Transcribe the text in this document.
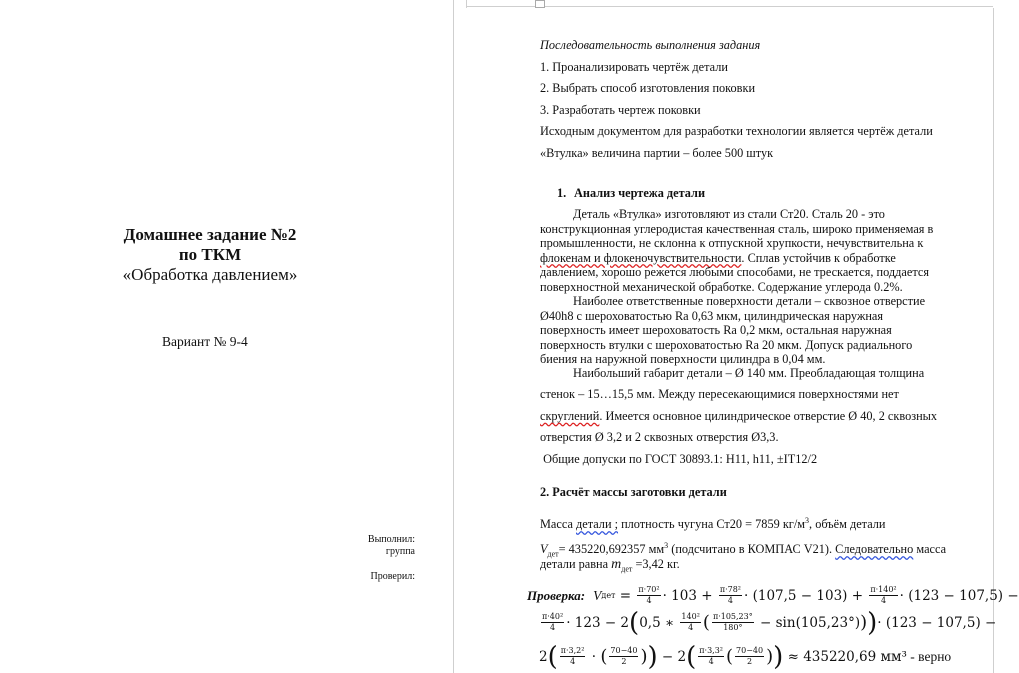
Домашнее задание №2
по ТКМ
«Обработка давлением»
Вариант № 9-4
Выполнил:
группа
Проверил:
Последовательность выполнения задания
1. Проанализировать чертёж детали
2. Выбрать способ изготовления поковки
3. Разработать чертеж поковки
Исходным документом для разработки технологии является чертёж детали
«Втулка» величина партии – более 500 штук
1. Анализ чертежа детали
Деталь «Втулка» изготовляют из стали Ст20. Сталь 20 - это
конструкционная углеродистая качественная сталь, широко применяемая в
промышленности, не склонна к отпускной хрупкости, нечувствительна к
флокенам и флокеночувствительности. Сплав устойчив к обработке
давлением, хорошо режется любыми способами, не трескается, поддается
поверхностной механической обработке. Содержание углерода 0.2%.
Наиболее ответственные поверхности детали – сквозное отверстие
Ø40h8 с шероховатостью Ra 0,63 мкм, цилиндрическая наружная
поверхность имеет шероховатость Ra 0,2 мкм, остальная наружная
поверхность втулки с шероховатостью Ra 20 мкм. Допуск радиального
биения на наружной поверхности цилиндра в 0,04 мм.
Наибольший габарит детали – Ø 140 мм. Преобладающая толщина
стенок – 15…15,5 мм. Между пересекающимися поверхностями нет
скруглений. Имеется основное цилиндрическое отверстие Ø 40, 2 сквозных
отверстия Ø 3,2 и 2 сквозных отверстия Ø3,3.
Общие допуски по ГОСТ 30893.1: H11, h11, ±IT12/2
2. Расчёт массы заготовки детали
Масса детали ; плотность чугуна Ст20 = 7859 $кг/м^3$, объём детали
$V_{дет}= 435220,692357$ $мм^3$ (подсчитано в КОМПАС V21). Следовательно масса
детали равна $m_{дет} =3,42$ кг.
Проверка: V дет = $\frac{\text{π·70²}}{4} \cdot 103 + \frac{\text{π·78²}}{4} \cdot (107,5 - 103) + \frac{\text{π·140²}}{4} \cdot (123 - 107,5)$ −
$\frac{\text{π·40²}}{4} \cdot 123 - 2$ ( 0,5 ∗ $\frac{\text{140²}}{4}$ ( $\frac{\pi\cdot 105,23^\circ}{180^\circ} - \sin(105,23^\circ)$ ) ) · (123 − 107,5) −
2 ( $\frac{\text{π·3,2²}}{4}$ · ( $\frac{70-40}{2}$ ) ) − 2 ( $\frac{\text{π·3,3²}}{4}$ ( $\frac{70-40}{2}$ ) ) ≈ 435220,69 мм³ - верно
